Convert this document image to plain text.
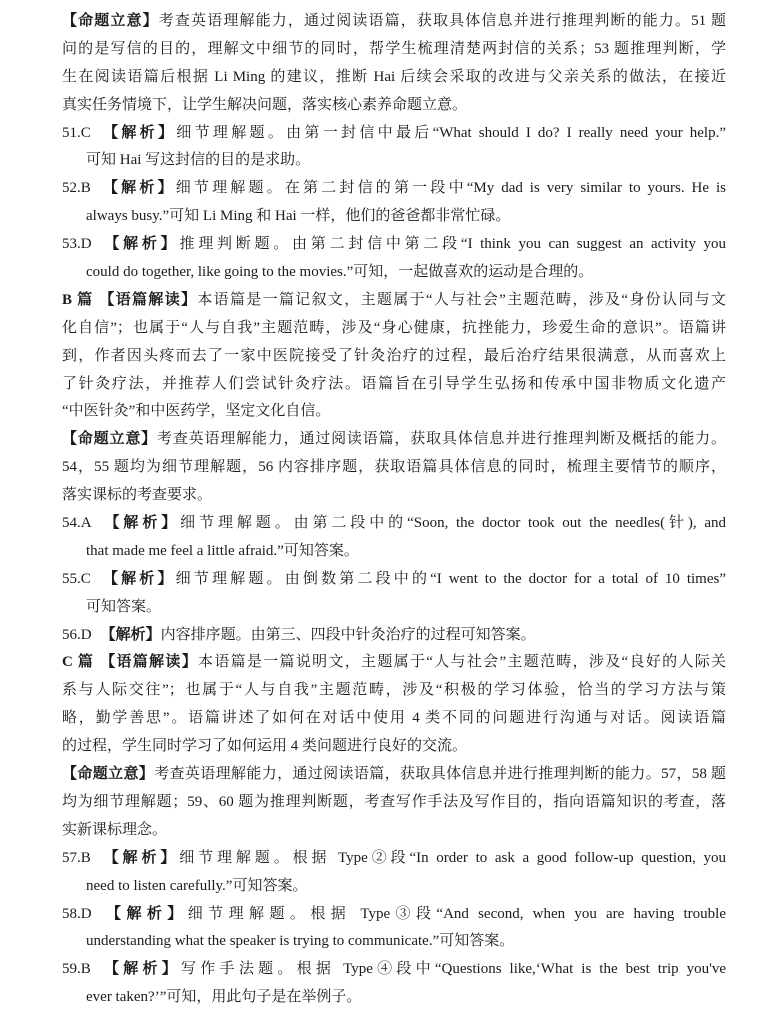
【命题立意】考查英语理解能力，通过阅读语篇，获取具体信息并进行推理判断的能力。51 题
问的是写信的目的，理解文中细节的同时，帮学生梳理清楚两封信的关系；53 题推理判断，学
生在阅读语篇后根据 Li Ming 的建议，推断 Hai 后续会采取的改进与父亲关系的做法，在接近
真实任务情境下，让学生解决问题，落实核心素养命题立意。
51.C 【解析】细节理解题。由第一封信中最后“What should I do? I really need your help.”
可知 Hai 写这封信的目的是求助。
52.B 【解析】细节理解题。在第二封信的第一段中“My dad is very similar to yours. He is
always busy.”可知 Li Ming 和 Hai 一样，他们的爸爸都非常忙碌。
53.D 【解析】推理判断题。由第二封信中第二段“I think you can suggest an activity you
could do together, like going to the movies.”可知，一起做喜欢的运动是合理的。
B 篇 【语篇解读】本语篇是一篇记叙文，主题属于“人与社会”主题范畴，涉及“身份认同与文
化自信”；也属于“人与自我”主题范畴，涉及“身心健康，抗挫能力，珍爱生命的意识”。语篇讲
到，作者因头疼而去了一家中医院接受了针灸治疗的过程，最后治疗结果很满意，从而喜欢上
了针灸疗法，并推荐人们尝试针灸疗法。语篇旨在引导学生弘扬和传承中国非物质文化遗产
“中医针灸”和中医药学，坚定文化自信。
【命题立意】考查英语理解能力，通过阅读语篇，获取具体信息并进行推理判断及概括的能力。
54，55 题均为细节理解题，56 内容排序题，获取语篇具体信息的同时，梳理主要情节的顺序，
落实课标的考查要求。
54.A 【解析】细节理解题。由第二段中的“Soon, the doctor took out the needles(针), and
that made me feel a little afraid.”可知答案。
55.C 【解析】细节理解题。由倒数第二段中的“I went to the doctor for a total of 10 times”
可知答案。
56.D 【解析】内容排序题。由第三、四段中针灸治疗的过程可知答案。
C 篇 【语篇解读】本语篇是一篇说明文，主题属于“人与社会”主题范畴，涉及“良好的人际关
系与人际交往”；也属于“人与自我”主题范畴，涉及“积极的学习体验，恰当的学习方法与策
略，勤学善思”。语篇讲述了如何在对话中使用 4 类不同的问题进行沟通与对话。阅读语篇
的过程，学生同时学习了如何运用 4 类问题进行良好的交流。
【命题立意】考查英语理解能力，通过阅读语篇，获取具体信息并进行推理判断的能力。57，58 题
均为细节理解题；59、60 题为推理判断题，考查写作手法及写作目的，指向语篇知识的考查，落
实新课标理念。
57.B 【解析】细节理解题。根据 Type②段“In order to ask a good follow-up question, you
need to listen carefully.”可知答案。
58.D 【解析】细节理解题。根据 Type③段“And second, when you are having trouble
understanding what the speaker is trying to communicate.”可知答案。
59.B 【解析】写作手法题。根据 Type④段中“Questions like,‘What is the best trip you've
ever taken?’”可知，用此句子是在举例子。
